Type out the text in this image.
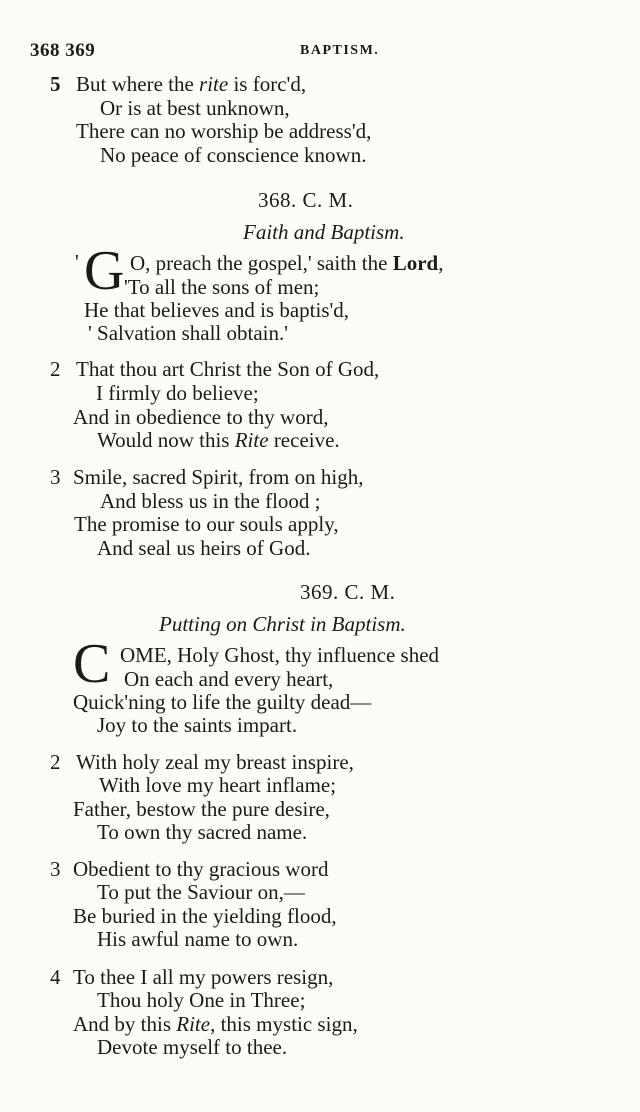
368 369	BAPTISM.
5 But where the rite is forc'd,
Or is at best unknown,
There can no worship be address'd,
No peace of conscience known.
368. C. M.
Faith and Baptism.
' G O, preach the gospel,' saith the Lord,
'To all the sons of men;
He that believes and is baptis'd,
' Salvation shall obtain.'
2 That thou art Christ the Son of God,
I firmly do believe;
And in obedience to thy word,
Would now this Rite receive.
3 Smile, sacred Spirit, from on high,
And bless us in the flood ;
The promise to our souls apply,
And seal us heirs of God.
369. C. M.
Putting on Christ in Baptism.
C OME, Holy Ghost, thy influence shed
On each and every heart,
Quick'ning to life the guilty dead—
Joy to the saints impart.
2 With holy zeal my breast inspire,
With love my heart inflame;
Father, bestow the pure desire,
To own thy sacred name.
3 Obedient to thy gracious word
To put the Saviour on,—
Be buried in the yielding flood,
His awful name to own.
4 To thee I all my powers resign,
Thou holy One in Three;
And by this Rite, this mystic sign,
Devote myself to thee.
